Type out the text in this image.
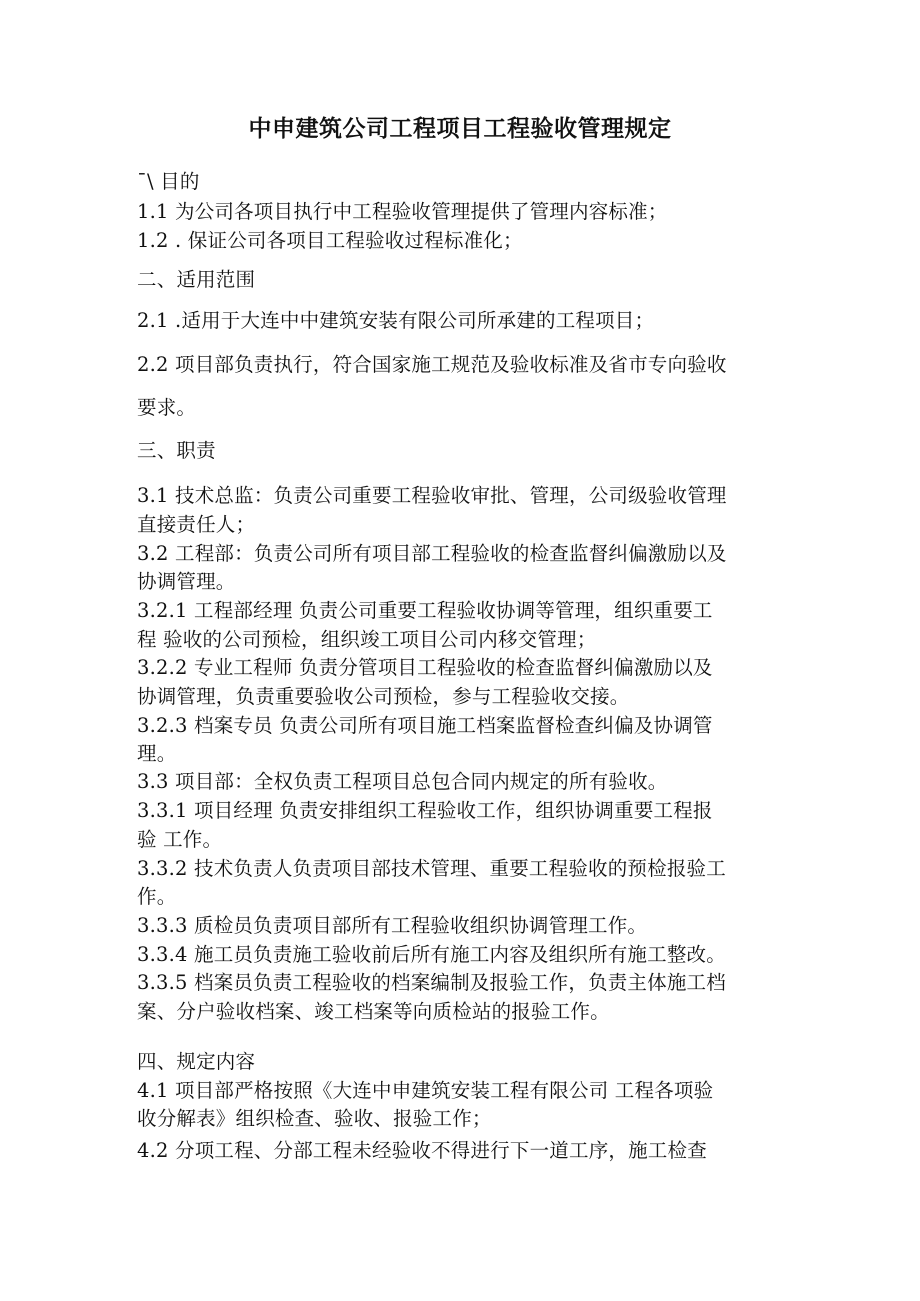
中申建筑公司工程项目工程验收管理规定
¯\ 目的
1.1 为公司各项目执行中工程验收管理提供了管理内容标准；
1.2 . 保证公司各项目工程验收过程标准化；
二、适用范围
2.1 .适用于大连中中建筑安装有限公司所承建的工程项目；
2.2 项目部负责执行，符合国家施工规范及验收标准及省市专向验收
要求。
三、职责
3.1 技术总监：负责公司重要工程验收审批、管理，公司级验收管理
直接责任人；
3.2 工程部：负责公司所有项目部工程验收的检查监督纠偏激励以及
协调管理。
3.2.1 工程部经理 负责公司重要工程验收协调等管理，组织重要工
程 验收的公司预检，组织竣工项目公司内移交管理；
3.2.2 专业工程师 负责分管项目工程验收的检查监督纠偏激励以及
协调管理，负责重要验收公司预检，参与工程验收交接。
3.2.3 档案专员 负责公司所有项目施工档案监督检查纠偏及协调管
理。
3.3 项目部：全权负责工程项目总包合同内规定的所有验收。
3.3.1 项目经理 负责安排组织工程验收工作，组织协调重要工程报
验 工作。
3.3.2 技术负责人负责项目部技术管理、重要工程验收的预检报验工
作。
3.3.3 质检员负责项目部所有工程验收组织协调管理工作。
3.3.4 施工员负责施工验收前后所有施工内容及组织所有施工整改。
3.3.5 档案员负责工程验收的档案编制及报验工作，负责主体施工档
案、分户验收档案、竣工档案等向质检站的报验工作。
四、规定内容
4.1 项目部严格按照《大连中申建筑安装工程有限公司 工程各项验
收分解表》组织检查、验收、报验工作；
4.2 分项工程、分部工程未经验收不得进行下一道工序，施工检查
